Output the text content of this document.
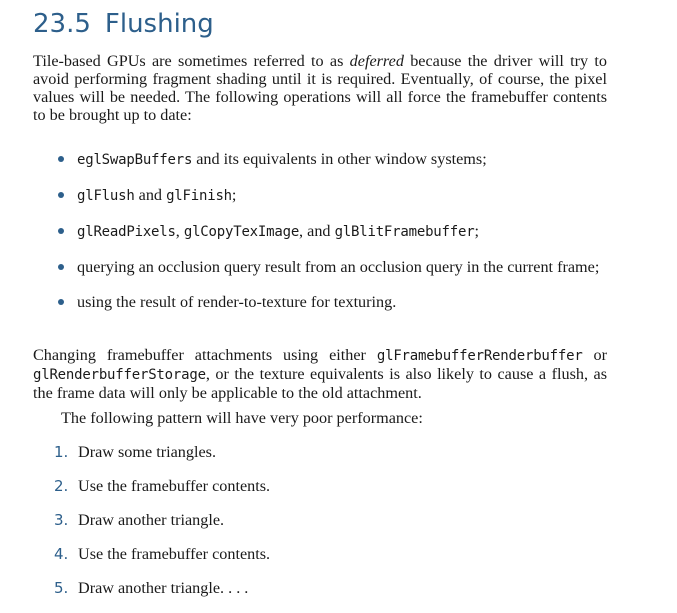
23.5 Flushing

Tile-based GPUs are sometimes referred to as deferred because the driver will try to avoid performing fragment shading until it is required. Eventually, of course, the pixel values will be needed. The following operations will all force the framebuffer contents to be brought up to date:

eglSwapBuffers and its equivalents in other window systems;
glFlush and glFinish;
glReadPixels, glCopyTexImage, and glBlitFramebuffer;
querying an occlusion query result from an occlusion query in the current frame;
using the result of render-to-texture for texturing.

Changing framebuffer attachments using either glFramebufferRenderbuffer or glRenderbufferStorage, or the texture equivalents is also likely to cause a flush, as the frame data will only be applicable to the old attachment.

The following pattern will have very poor performance:

1. Draw some triangles.
2. Use the framebuffer contents.
3. Draw another triangle.
4. Use the framebuffer contents.
5. Draw another triangle. . . .
